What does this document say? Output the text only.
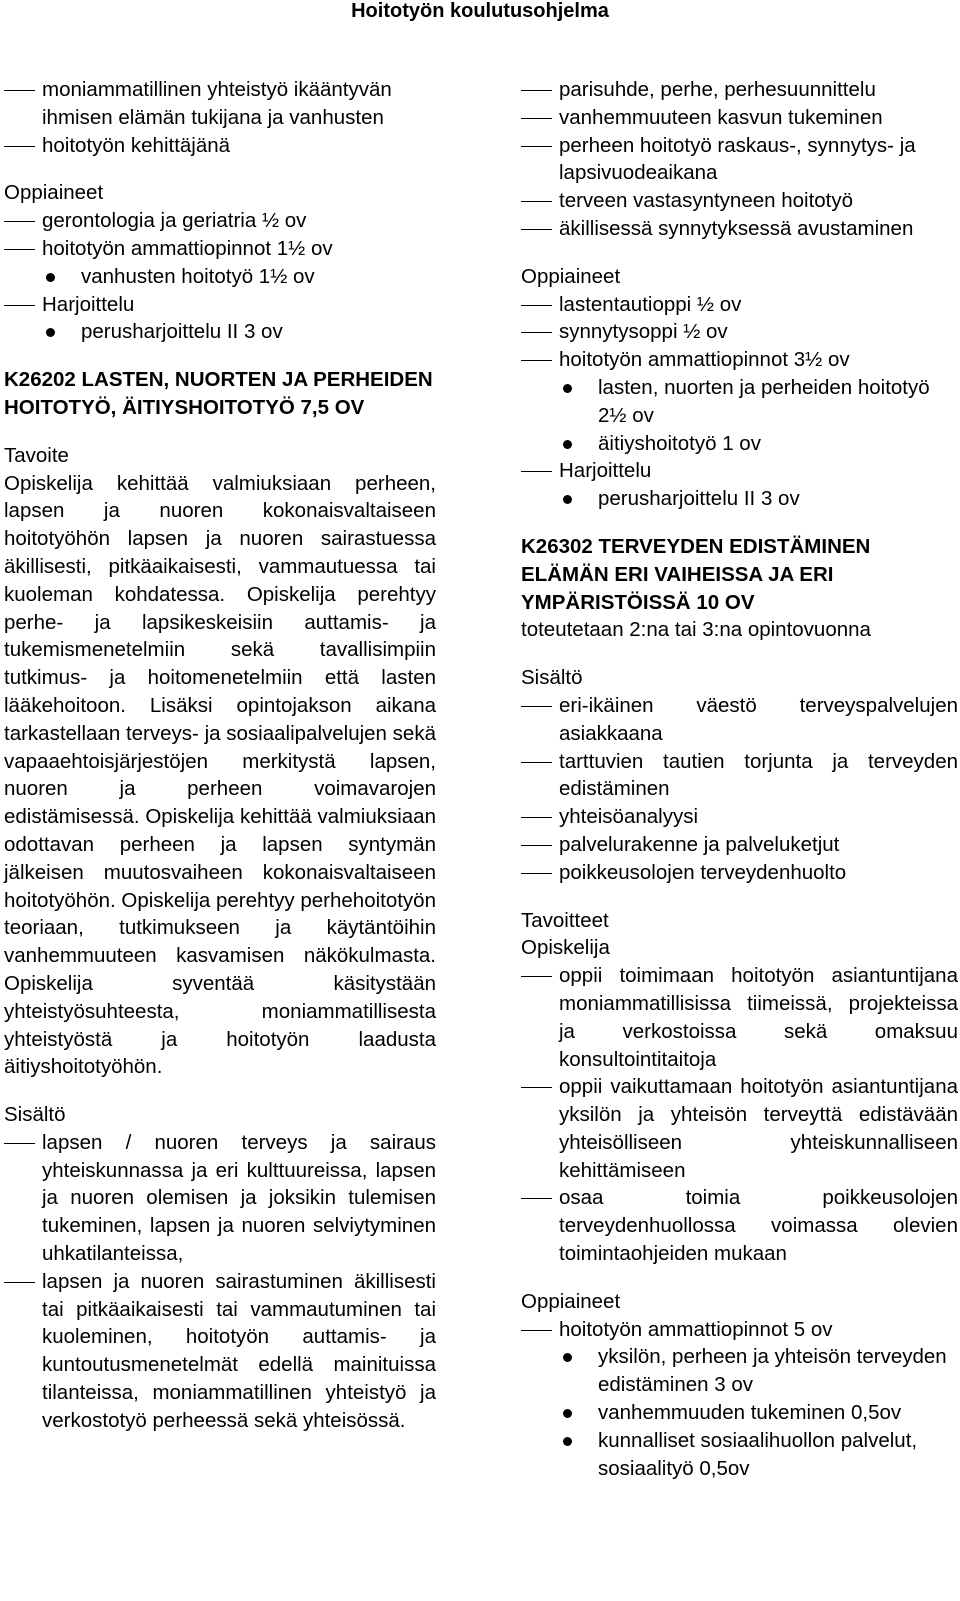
Hoitotyön koulutusohjelma
moniammatillinen yhteistyö ikääntyvän ihmisen elämän tukijana ja vanhusten
hoitotyön kehittäjänä
Oppiaineet
gerontologia ja geriatria ½ ov
hoitotyön ammattiopinnot 1½ ov
vanhusten hoitotyö 1½ ov
Harjoittelu
perusharjoittelu II 3 ov
K26202 LASTEN, NUORTEN JA PERHEIDEN HOITOTYÖ, ÄITIYSHOITOTYÖ 7,5 OV
Tavoite
Opiskelija kehittää valmiuksiaan perheen, lapsen ja nuoren kokonaisvaltaiseen hoitotyöhön lapsen ja nuoren sairastuessa äkillisesti, pitkäaikaisesti, vammautuessa tai kuoleman kohdatessa. Opiskelija perehtyy perhe- ja lapsikeskeisiin auttamis- ja tukemismenetelmiin sekä tavallisimpiin tutkimus- ja hoitomenetelmiin että lasten lääkehoitoon. Lisäksi opintojakson aikana tarkastellaan terveys- ja sosiaalipalvelujen sekä vapaaehtoisjärjestöjen merkitystä lapsen, nuoren ja perheen voimavarojen edistämisessä. Opiskelija kehittää valmiuksiaan odottavan perheen ja lapsen syntymän jälkeisen muutosvaiheen kokonaisvaltaiseen hoitotyöhön. Opiskelija perehtyy perhehoitotyön teoriaan, tutkimukseen ja käytäntöihin vanhemmuuteen kasvamisen näkökulmasta. Opiskelija syventää käsitystään yhteistyösuhteesta, moniammatillisesta yhteistyöstä ja hoitotyön laadusta äitiyshoitotyöhön.
Sisältö
lapsen / nuoren terveys ja sairaus yhteiskunnassa ja eri kulttuureissa, lapsen ja nuoren olemisen ja joksikin tulemisen tukeminen, lapsen ja nuoren selviytyminen uhkatilanteissa,
lapsen ja nuoren sairastuminen äkillisesti tai pitkäaikaisesti tai vammautuminen tai kuoleminen, hoitotyön auttamis- ja kuntoutusmenetelmät edellä mainituissa tilanteissa, moniammatillinen yhteistyö ja verkostotyö perheessä sekä yhteisössä.
parisuhde, perhe, perhesuunnittelu
vanhemmuuteen kasvun tukeminen
perheen hoitotyö raskaus-, synnytys- ja lapsivuodeaikana
terveen vastasyntyneen hoitotyö
äkillisessä synnytyksessä avustaminen
Oppiaineet
lastentautioppi ½ ov
synnytysoppi ½ ov
hoitotyön ammattiopinnot 3½ ov
lasten, nuorten ja perheiden hoitotyö 2½ ov
äitiyshoitotyö 1 ov
Harjoittelu
perusharjoittelu II 3 ov
K26302 TERVEYDEN EDISTÄMINEN ELÄMÄN ERI VAIHEISSA JA ERI YMPÄRISTÖISSÄ 10 OV
toteutetaan 2:na tai 3:na opintovuonna
Sisältö
eri-ikäinen väestö terveyspalvelujen asiakkaana
tarttuvien tautien torjunta ja terveyden edistäminen
yhteisöanalyysi
palvelurakenne ja palveluketjut
poikkeusolojen terveydenhuolto
Tavoitteet
Opiskelija
oppii toimimaan hoitotyön asiantuntijana moniammatillisissa tiimeissä, projekteissa ja verkostoissa sekä omaksuu konsultointitaitoja
oppii vaikuttamaan hoitotyön asiantuntijana yksilön ja yhteisön terveyttä edistävään yhteisölliseen yhteiskunnalliseen kehittämiseen
osaa toimia poikkeusolojen terveydenhuollossa voimassa olevien toimintaohjeiden mukaan
Oppiaineet
hoitotyön ammattiopinnot 5 ov
yksilön, perheen ja yhteisön terveyden edistäminen 3 ov
vanhemmuuden tukeminen 0,5ov
kunnalliset sosiaalihuollon palvelut, sosiaalityö 0,5ov
